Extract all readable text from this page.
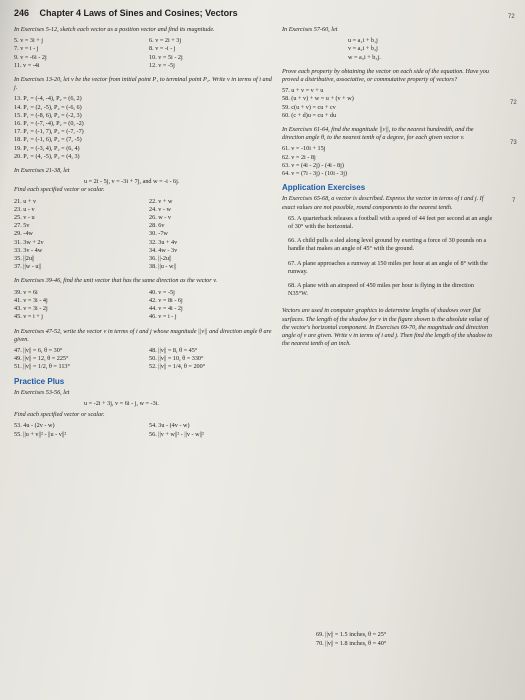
246 Chapter 4 Laws of Sines and Cosines; Vectors	72
72
73
7
In Exercises 5-12, sketch each vector as a position vector and find its magnitude.
5. v = 3i + j	6. v = 2i + 3j
7. v = i - j	8. v = -i - j
9. v = -6i - 2j	10. v = 5i - 2j
11. v = -4i	12. v = -5j
In Exercises 13-20, let v be the vector from initial point P₁ to terminal point P₂. Write v in terms of i and j.
13. P₁ = (-4, -4), P₂ = (6, 2)
14. P₁ = (2, -5), P₂ = (-6, 6)
15. P₁ = (-8, 6), P₂ = (-2, 3)
16. P₁ = (-7, -4), P₂ = (0, -2)
17. P₁ = (-1, 7), P₂ = (-7, -7)
18. P₁ = (-1, 6), P₂ = (7, -5)
19. P₁ = (-3, 4), P₂ = (6, 4)
20. P₁ = (4, -5), P₂ = (4, 3)
In Exercises 21-38, let
u = 2i - 5j, v = -3i + 7j, and w = -i - 6j.
Find each specified vector or scalar.
21. u + v	22. v + w
23. u - v	24. v - w
25. v - u	26. w - v
27. 5v	28. 6v
29. -4w	30. -7w
31. 3w + 2v	32. 3u + 4v
33. 3v - 4w	34. 4w - 3v
35. ||2u||	36. ||-2u||
37. ||w - u||	38. ||u - w||
In Exercises 39-46, find the unit vector that has the same direction as the vector v.
39. v = 6i	40. v = -5j
41. v = 3i - 4j	42. v = 8i - 6j
43. v = 3i - 2j	44. v = 4i - 2j
45. v = i + j	46. v = i - j
In Exercises 47-52, write the vector v in terms of i and j whose magnitude ||v|| and direction angle θ are given.
47. ||v|| = 6, θ = 30°	48. ||v|| = 8, θ = 45°
49. ||v|| = 12, θ = 225°	50. ||v|| = 10, θ = 330°
51. ||v|| = 1/2, θ = 113°	52. ||v|| = 1/4, θ = 200°
Practice Plus
In Exercises 53-56, let
u = -2i + 3j, v = 6i - j, w = -3i.
Find each specified vector or scalar.
53. 4u - (2v - w)	54. 3u - (4v - w)
55. ||u + v||² - ||u - v||²	56. ||v + w||² - ||v - w||²
In Exercises 57-60, let
u = a₁i + b₁j
v = a₂i + b₂j
w = a₃i + b₃j.
Prove each property by obtaining the vector on each side of the equation. Have you proved a distributive, associative, or commutative property of vectors?
57. u + v = v + u
58. (u + v) + w = u + (v + w)
59. c(u + v) = cu + cv
60. (c + d)u = cu + du
In Exercises 61-64, find the magnitude ||v||, to the nearest hundredth, and the direction angle θ, to the nearest tenth of a degree, for each given vector v.
61. v = -10i + 15j
62. v = 2i - 8j
63. v = (4i - 2j) - (4i - 8j)
64. v = (7i - 3j) - (10i - 3j)
Application Exercises
In Exercises 65-68, a vector is described. Express the vector in terms of i and j. If exact values are not possible, round components to the nearest tenth.
65. A quarterback releases a football with a speed of 44 feet per second at an angle of 30° with the horizontal.
66. A child pulls a sled along level ground by exerting a force of 30 pounds on a handle that makes an angle of 45° with the ground.
67. A plane approaches a runway at 150 miles per hour at an angle of 8° with the runway.
68. A plane with an airspeed of 450 miles per hour is flying in the direction N35°W.
Vectors are used in computer graphics to determine lengths of shadows over flat surfaces. The length of the shadow for v in the figure shown is the absolute value of the vector's horizontal component. In Exercises 69-70, the magnitude and direction angle of v are given. Write v in terms of i and j. Then find the length of the shadow to the nearest tenth of an inch.
69. ||v|| = 1.5 inches, θ = 25°
70. ||v|| = 1.8 inches, θ = 40°
